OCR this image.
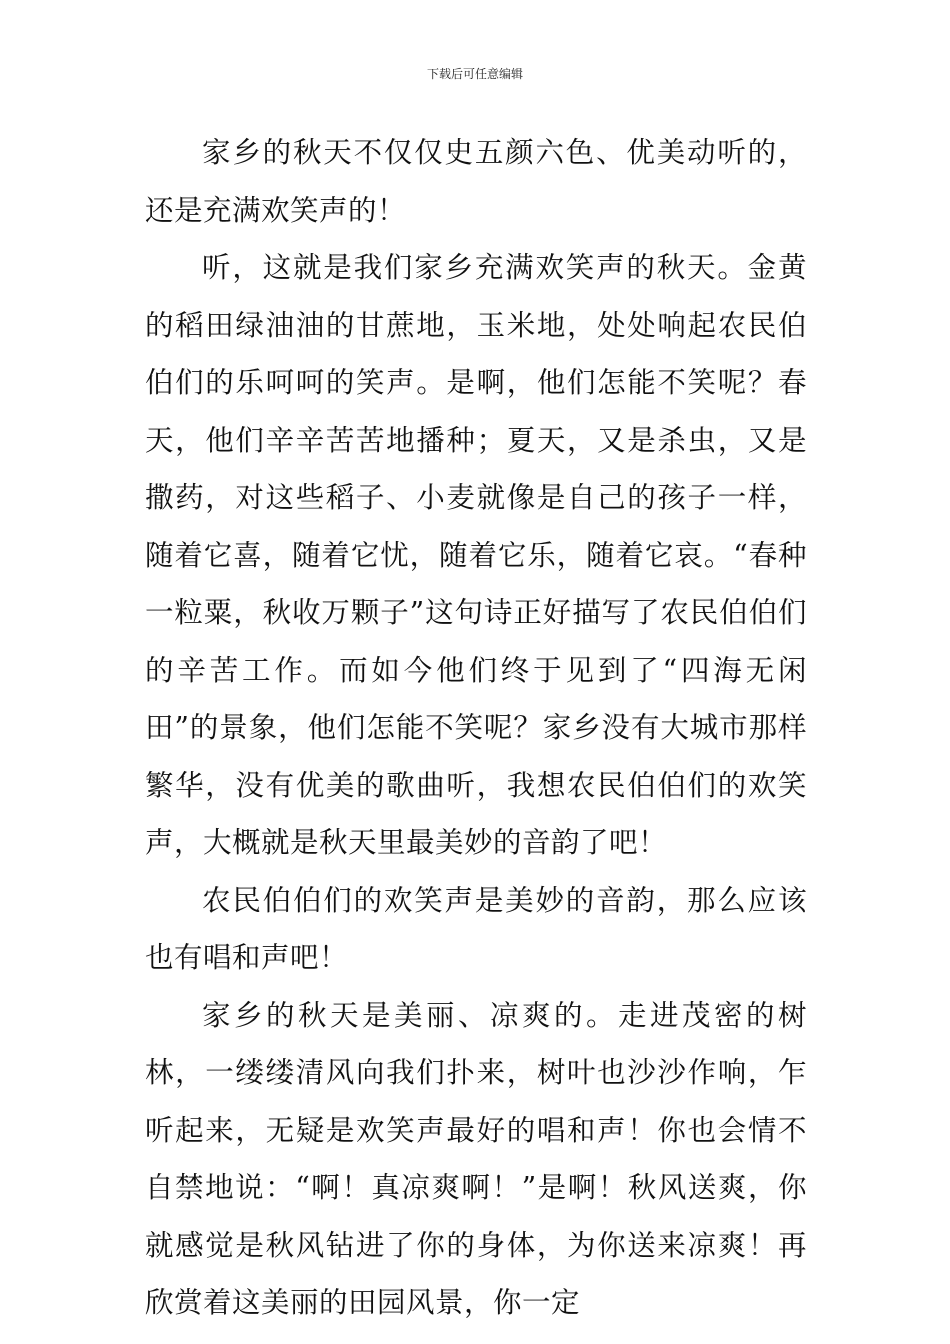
下载后可任意编辑

家乡的秋天不仅仅史五颜六色、优美动听的，还是充满欢笑声的！

听，这就是我们家乡充满欢笑声的秋天。金黄的稻田绿油油的甘蔗地，玉米地，处处响起农民伯伯们的乐呵呵的笑声。是啊，他们怎能不笑呢？春天，他们辛辛苦苦地播种；夏天，又是杀虫，又是撒药，对这些稻子、小麦就像是自己的孩子一样，随着它喜，随着它忧，随着它乐，随着它哀。“春种一粒粟，秋收万颗子”这句诗正好描写了农民伯伯们的辛苦工作。而如今他们终于见到了“四海无闲田”的景象，他们怎能不笑呢？家乡没有大城市那样繁华，没有优美的歌曲听，我想农民伯伯们的欢笑声，大概就是秋天里最美妙的音韵了吧！

农民伯伯们的欢笑声是美妙的音韵，那么应该也有唱和声吧！

家乡的秋天是美丽、凉爽的。走进茂密的树林，一缕缕清风向我们扑来，树叶也沙沙作响，乍听起来，无疑是欢笑声最好的唱和声！你也会情不自禁地说：“啊！真凉爽啊！”是啊！秋风送爽，你就感觉是秋风钻进了你的身体，为你送来凉爽！再欣赏着这美丽的田园风景，你一定
